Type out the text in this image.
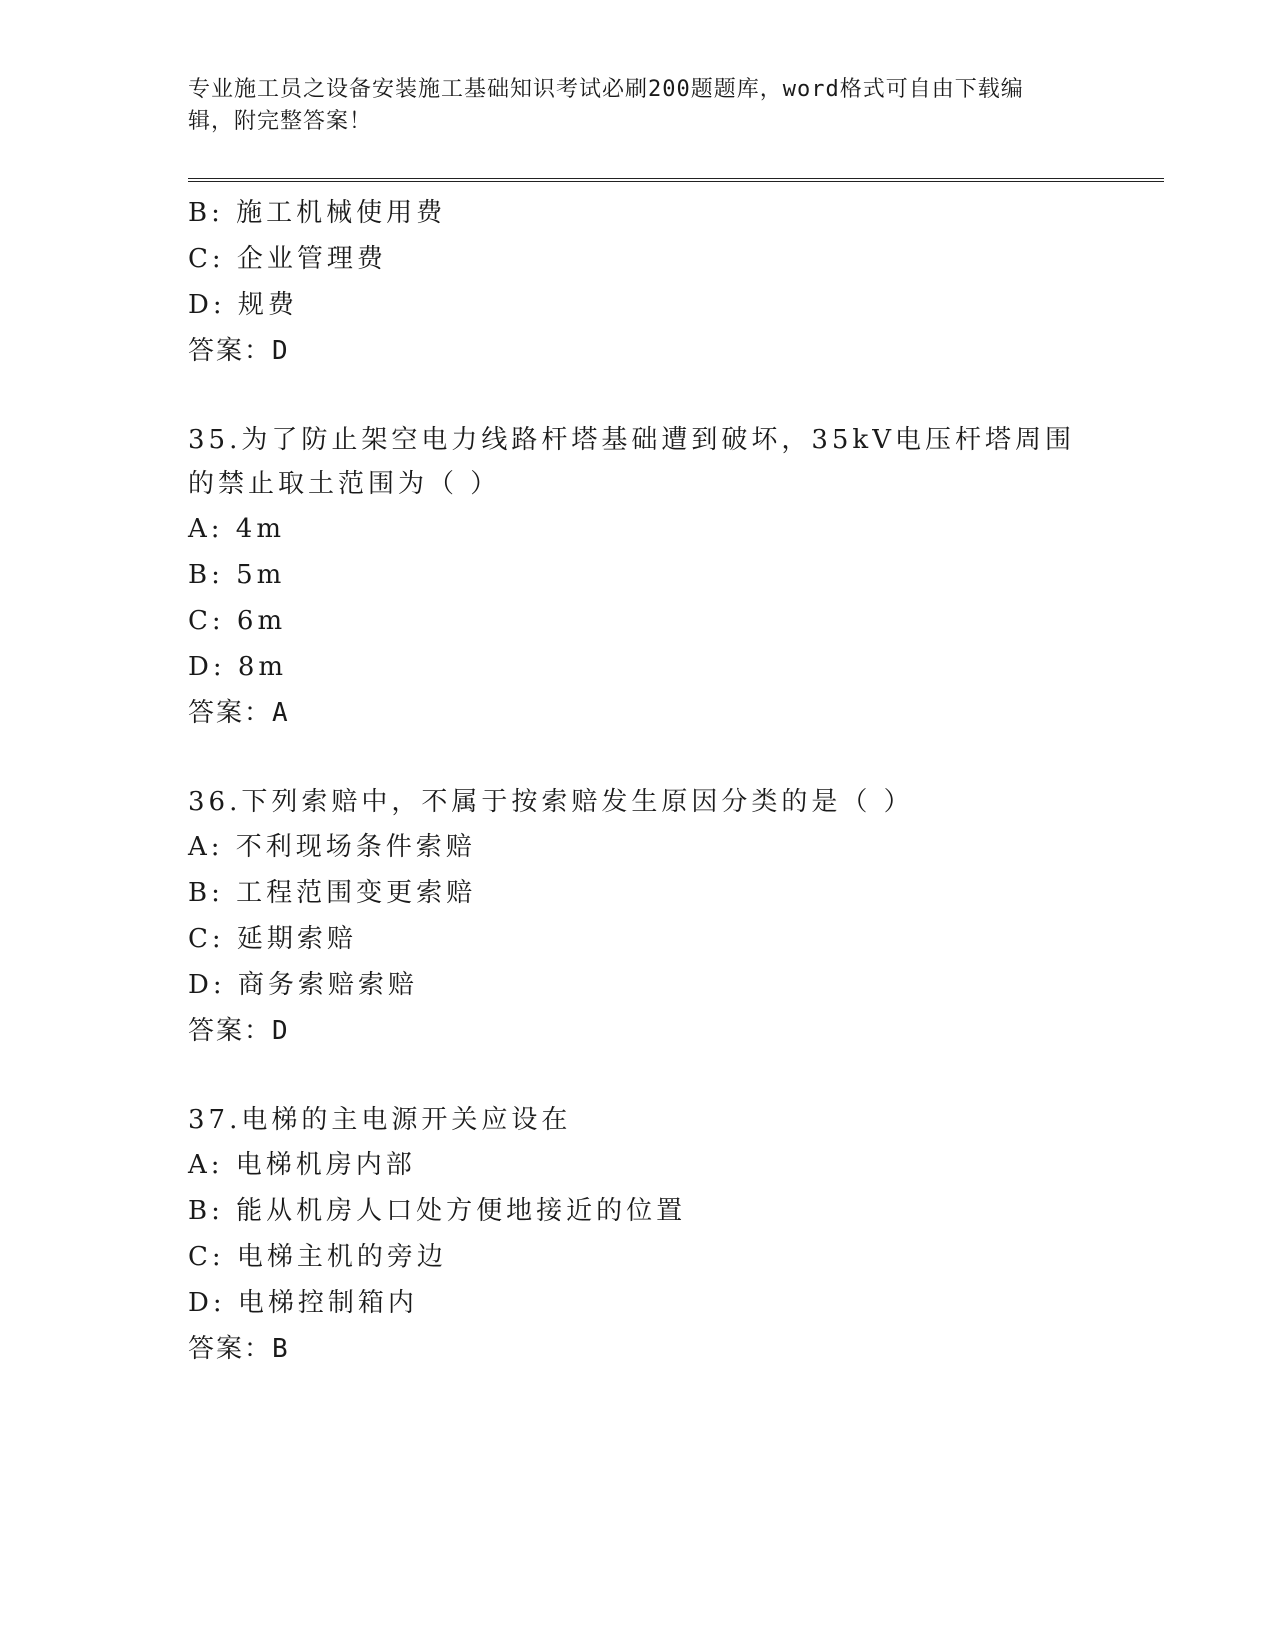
专业施工员之设备安装施工基础知识考试必刷200题题库，word格式可自由下载编辑，附完整答案！
B: 施工机械使用费
C: 企业管理费
D: 规费
答案：D
35.为了防止架空电力线路杆塔基础遭到破坏，35kV电压杆塔周围的禁止取土范围为（ ）
A: 4m
B: 5m
C: 6m
D: 8m
答案：A
36.下列索赔中，不属于按索赔发生原因分类的是（ ）
A: 不利现场条件索赔
B: 工程范围变更索赔
C: 延期索赔
D: 商务索赔索赔
答案：D
37.电梯的主电源开关应设在
A: 电梯机房内部
B: 能从机房人口处方便地接近的位置
C: 电梯主机的旁边
D: 电梯控制箱内
答案：B
